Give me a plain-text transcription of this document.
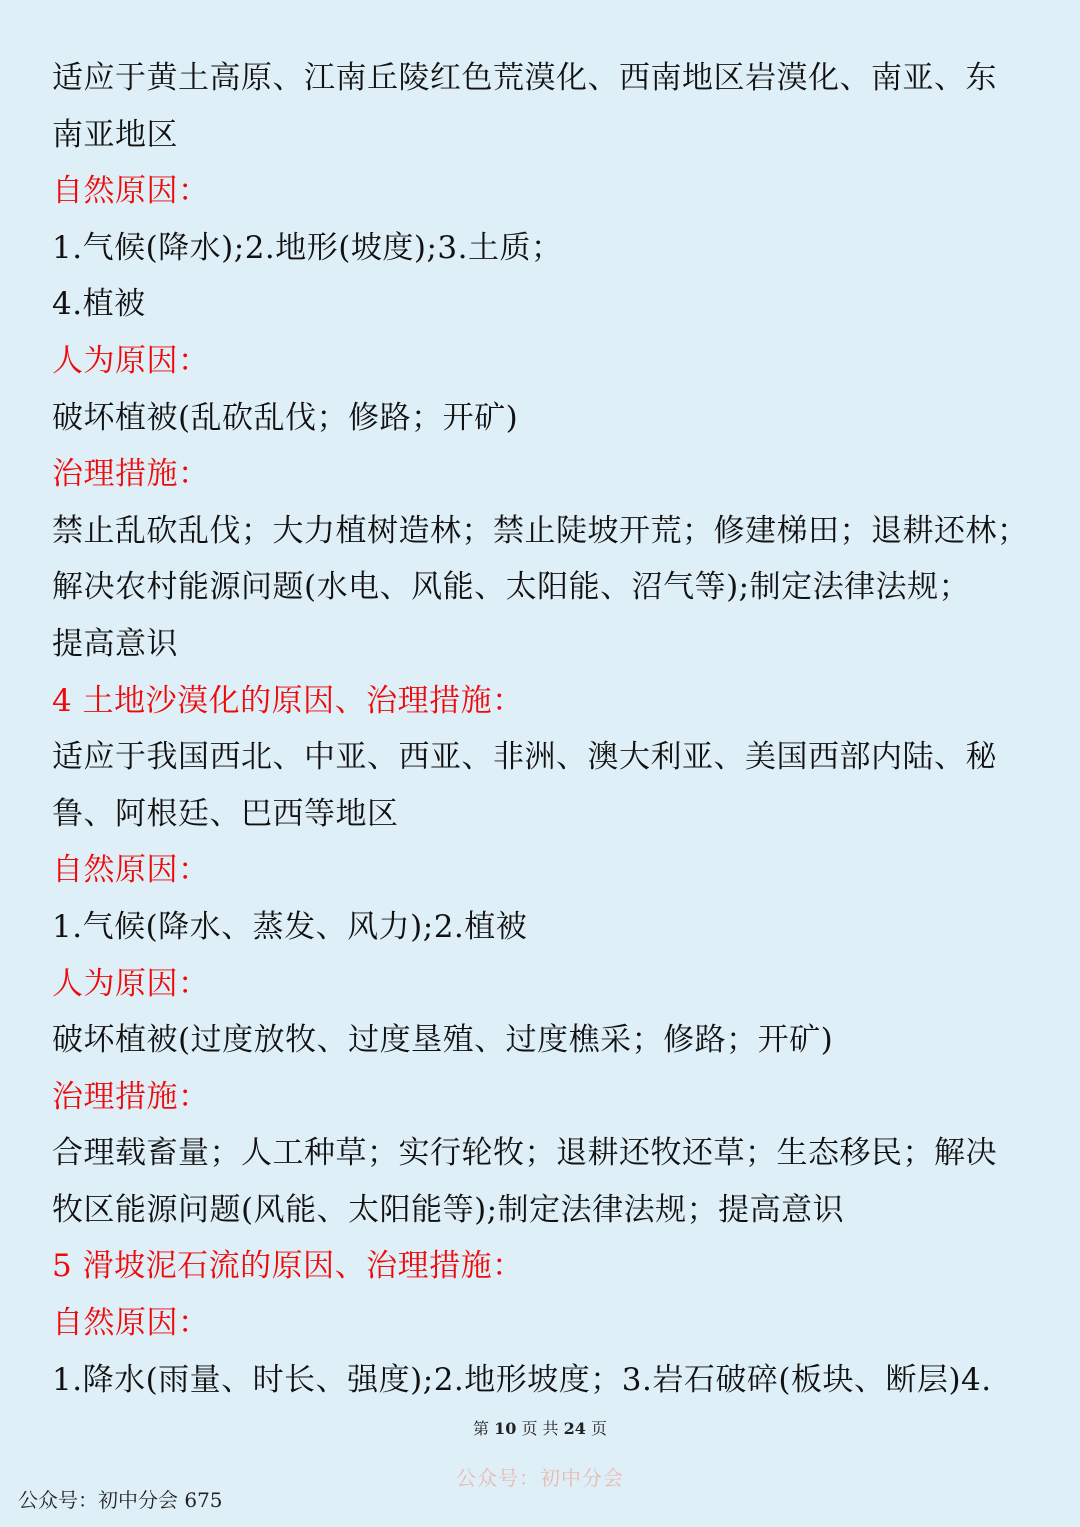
适应于黄土高原、江南丘陵红色荒漠化、西南地区岩漠化、南亚、东
南亚地区
自然原因：
1.气候(降水);2.地形(坡度);3.土质；
4.植被
人为原因：
破坏植被(乱砍乱伐；修路；开矿)
治理措施：
禁止乱砍乱伐；大力植树造林；禁止陡坡开荒；修建梯田；退耕还林；
解决农村能源问题(水电、风能、太阳能、沼气等);制定法律法规；
提高意识
4 土地沙漠化的原因、治理措施：
适应于我国西北、中亚、西亚、非洲、澳大利亚、美国西部内陆、秘
鲁、阿根廷、巴西等地区
自然原因：
1.气候(降水、蒸发、风力);2.植被
人为原因：
破坏植被(过度放牧、过度垦殖、过度樵采；修路；开矿)
治理措施：
合理载畜量；人工种草；实行轮牧；退耕还牧还草；生态移民；解决
牧区能源问题(风能、太阳能等);制定法律法规；提高意识
5 滑坡泥石流的原因、治理措施：
自然原因：
1.降水(雨量、时长、强度);2.地形坡度；3.岩石破碎(板块、断层)4.
第 10 页 共 24 页
公众号：初中分会
公众号：初中分会 675
